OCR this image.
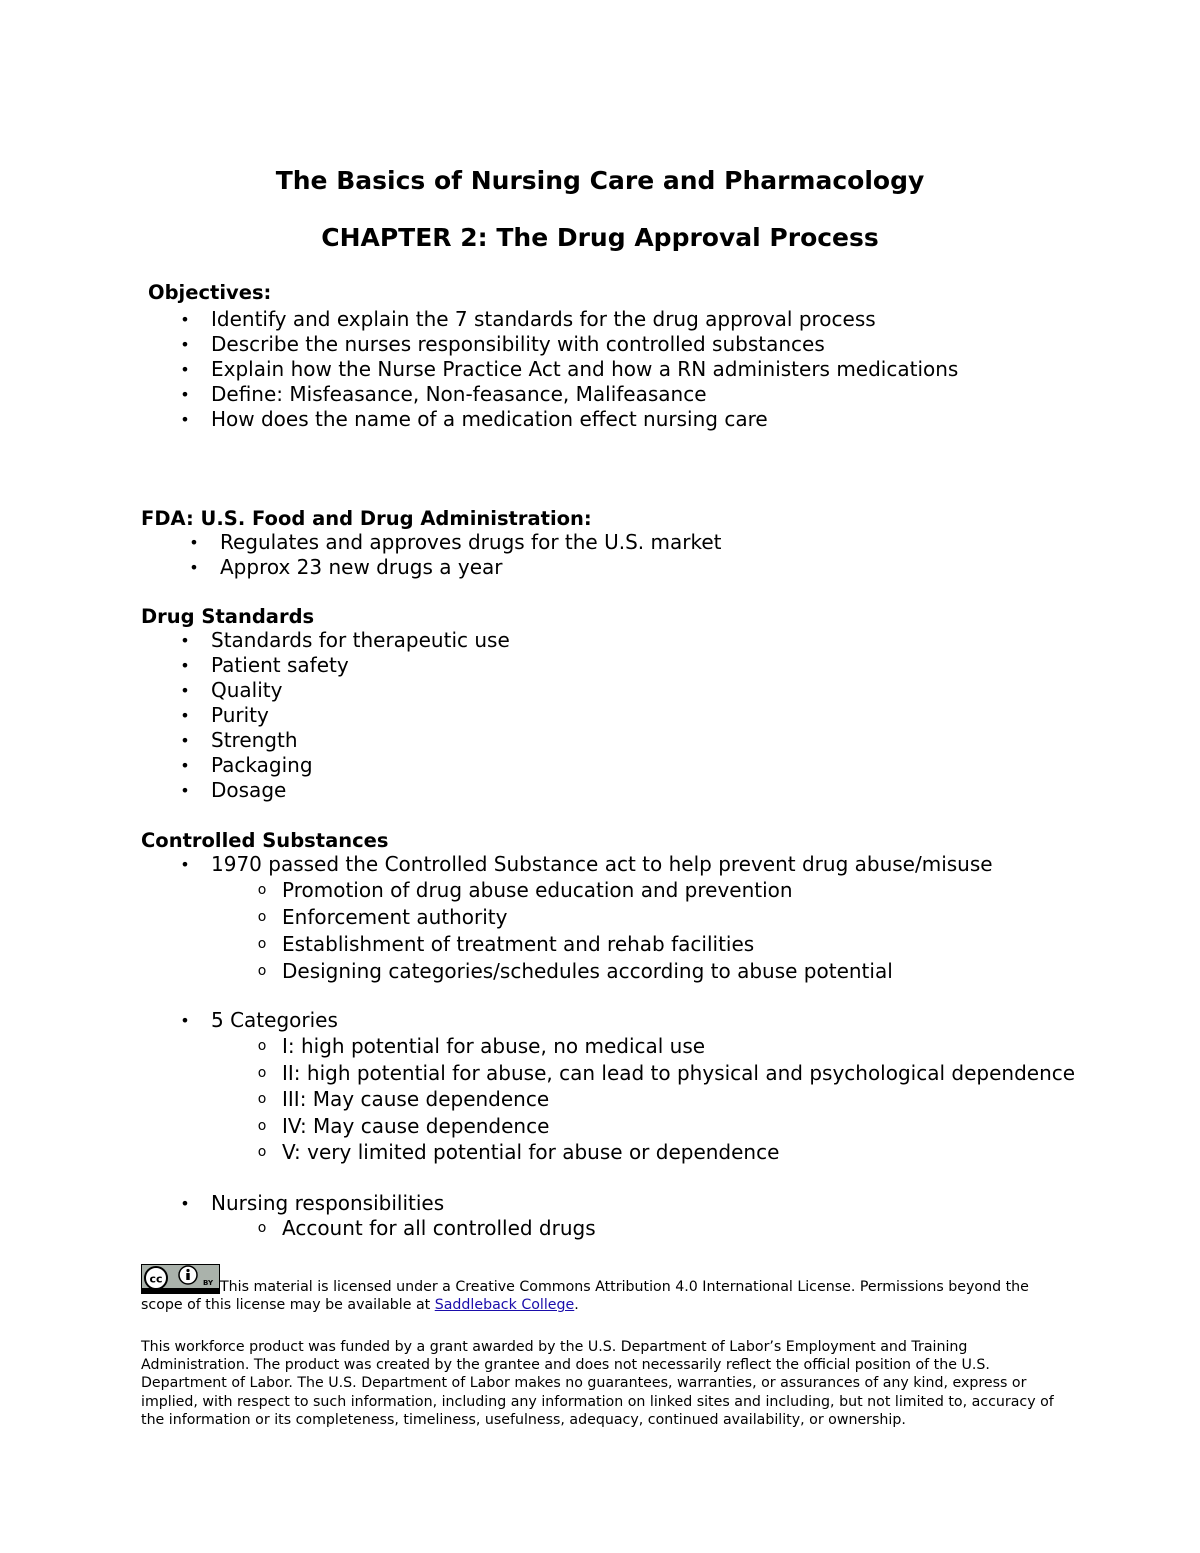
The Basics of Nursing Care and Pharmacology
CHAPTER 2: The Drug Approval Process
Objectives:
• Identify and explain the 7 standards for the drug approval process
• Describe the nurses responsibility with controlled substances
• Explain how the Nurse Practice Act and how a RN administers medications
• Define: Misfeasance, Non-feasance, Malifeasance
• How does the name of a medication effect nursing care
FDA: U.S. Food and Drug Administration:
• Regulates and approves drugs for the U.S. market
• Approx 23 new drugs a year
Drug Standards
• Standards for therapeutic use
• Patient safety
• Quality
• Purity
• Strength
• Packaging
• Dosage
Controlled Substances
• 1970 passed the Controlled Substance act to help prevent drug abuse/misuse
o Promotion of drug abuse education and prevention
o Enforcement authority
o Establishment of treatment and rehab facilities
o Designing categories/schedules according to abuse potential
• 5 Categories
o I: high potential for abuse, no medical use
o II: high potential for abuse, can lead to physical and psychological dependence
o III: May cause dependence
o IV: May cause dependence
o V: very limited potential for abuse or dependence
• Nursing responsibilities
o Account for all controlled drugs
cc	BY This material is licensed under a Creative Commons Attribution 4.0 International License. Permissions beyond the scope of this license may be available at Saddleback College.
This workforce product was funded by a grant awarded by the U.S. Department of Labor’s Employment and Training Administration. The product was created by the grantee and does not necessarily reflect the official position of the U.S. Department of Labor. The U.S. Department of Labor makes no guarantees, warranties, or assurances of any kind, express or implied, with respect to such information, including any information on linked sites and including, but not limited to, accuracy of the information or its completeness, timeliness, usefulness, adequacy, continued availability, or ownership.
